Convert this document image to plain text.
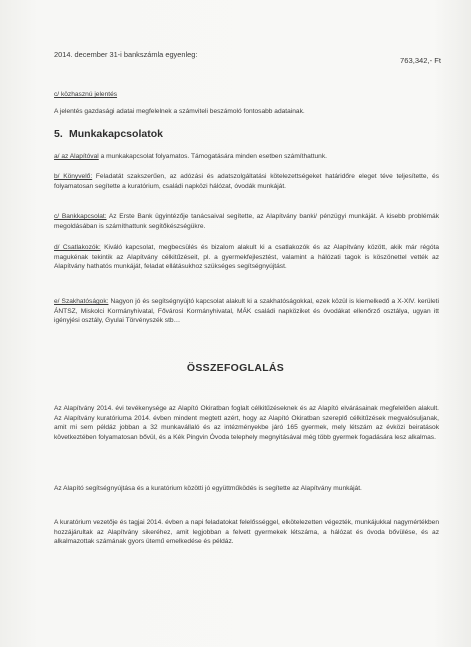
2014. december 31-i bankszámla egyenleg:
763,342,- Ft
c/ közhasznú jelentés
A jelentés gazdasági adatai megfelelnek a számviteli beszámoló fontosabb adatainak.
5. Munkakapcsolatok
a/ az Alapítóval a munkakapcsolat folyamatos. Támogatására minden esetben számíthattunk.
b/ Könyvelő: Feladatát szakszerűen, az adózási és adatszolgáltatási kötelezettségeket határidőre eleget téve teljesítette, és folyamatosan segítette a kuratórium, családi napközi hálózat, óvodák munkáját.
c/ Bankkapcsolat: Az Erste Bank ügyintézője tanácsaival segítette, az Alapítvány banki/ pénzügyi munkáját. A kisebb problémák megoldásában is számíthattunk segítőkészségükre.
d/ Csatlakozók: Kiváló kapcsolat, megbecsülés és bizalom alakult ki a csatlakozók és az Alapítvány között, akik már régóta magukénak tekintik az Alapítvány célkitűzéseit, pl. a gyermekfejlesztést, valamint a hálózati tagok is köszönettel vették az Alapítvány hathatós munkáját, feladat ellátásukhoz szükséges segítségnyújtást.
e/ Szakhatóságok: Nagyon jó és segítségnyújtó kapcsolat alakult ki a szakhatóságokkal, ezek közül is kiemelkedő a X-XIV. kerületi ÁNTSZ, Miskolci Kormányhivatal, Fővárosi Kormányhivatal, MÁK családi napköziket és óvodákat ellenőrző osztálya, ugyan itt igényjési osztály, Gyulai Törvényszék stb…
ÖSSZEFOGLALÁS
Az Alapítvány 2014. évi tevékenysége az Alapító Okiratban foglalt célkitűzéseknek és az Alapító elvárásainak megfelelően alakult. Az Alapítvány kuratóriuma 2014. évben mindent megtett azért, hogy az Alapító Okiratban szereplő célkitűzések megvalósuljanak, amit mi sem példáz jobban a 32 munkavállaló és az intézményekbe járó 165 gyermek, mely létszám az évközi beiratások következtében folyamatosan bővül, és a Kék Pingvin Óvoda telephely megnyitásával még több gyermek fogadására lesz alkalmas.
Az Alapító segítségnyújtása és a kuratórium közötti jó együttműködés is segítette az Alapítvány munkáját.
A kuratórium vezetője és tagjai 2014. évben a napi feladatokat felelősséggel, elkötelezetten végezték, munkájukkal nagymértékben hozzájárultak az Alapítvány sikeréhez, amit legjobban a felvett gyermekek létszáma, a hálózat és óvoda bővülése, és az alkalmazottak számának gyors ütemű emelkedése és példáz.
